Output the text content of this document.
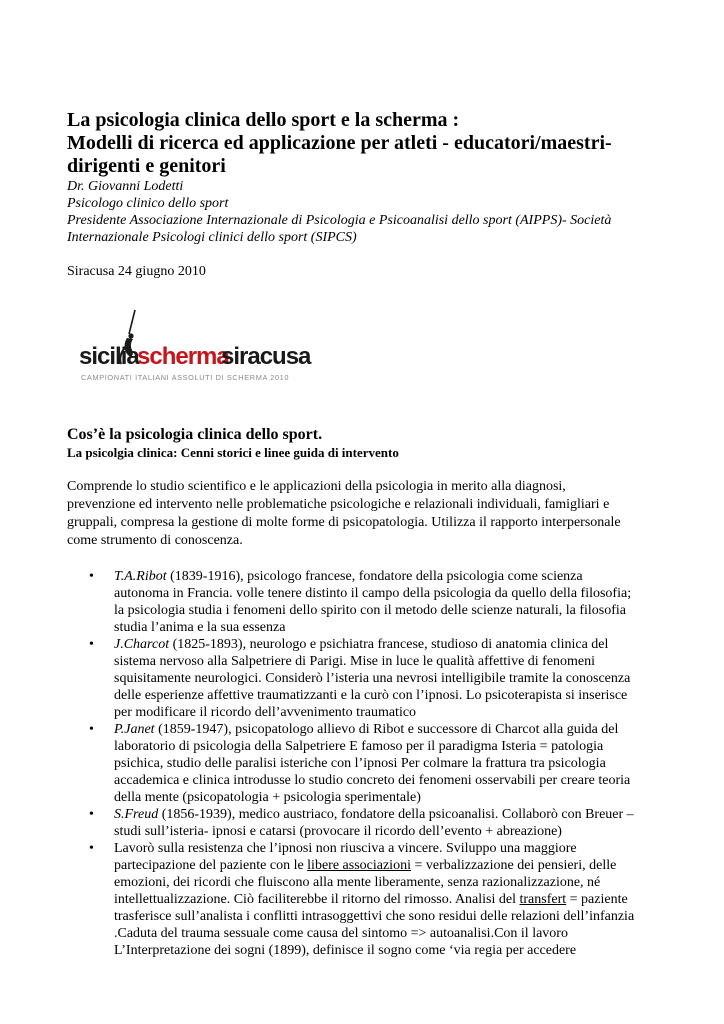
La psicologia clinica dello sport e la scherma :
Modelli di ricerca ed applicazione per atleti - educatori/maestri-
dirigenti e genitori
Dr. Giovanni Lodetti
Psicologo clinico dello sport
Presidente Associazione Internazionale di Psicologia e Psicoanalisi dello sport (AIPPS)- Società
Internazionale Psicologi clinici dello sport (SIPCS)
Siracusa 24 giugno 2010
sicilia
scherma
siracusa
CAMPIONATI ITALIANI ASSOLUTI DI SCHERMA 2010
Cos’è la psicologia clinica dello sport.
La psicolgia clinica: Cenni storici e linee guida di intervento
Comprende lo studio scientifico e le applicazioni della psicologia in merito alla diagnosi,
prevenzione ed intervento nelle problematiche psicologiche e relazionali individuali, famigliari e
gruppali, compresa la gestione di molte forme di psicopatologia. Utilizza il rapporto interpersonale
come strumento di conoscenza.
• T.A.Ribot (1839-1916), psicologo francese, fondatore della psicologia come scienza
autonoma in Francia. volle tenere distinto il campo della psicologia da quello della filosofia;
la psicologia studia i fenomeni dello spirito con il metodo delle scienze naturali, la filosofia
studia l’anima e la sua essenza
• J.Charcot (1825-1893), neurologo e psichiatra francese, studioso di anatomia clinica del
sistema nervoso alla Salpetriere di Parigi. Mise in luce le qualità affettive di fenomeni
squisitamente neurologici. Considerò l’isteria una nevrosi intelligibile tramite la conoscenza
delle esperienze affettive traumatizzanti e la curò con l’ipnosi. Lo psicoterapista si inserisce
per modificare il ricordo dell’avvenimento traumatico
• P.Janet (1859-1947), psicopatologo allievo di Ribot e successore di Charcot alla guida del
laboratorio di psicologia della Salpetriere E famoso per il paradigma Isteria = patologia
psichica, studio delle paralisi isteriche con l’ipnosi Per colmare la frattura tra psicologia
accademica e clinica introdusse lo studio concreto dei fenomeni osservabili per creare teoria
della mente (psicopatologia + psicologia sperimentale)
• S.Freud (1856-1939), medico austriaco, fondatore della psicoanalisi. Collaborò con Breuer –
studi sull’isteria- ipnosi e catarsi (provocare il ricordo dell’evento + abreazione)
• Lavorò sulla resistenza che l’ipnosi non riusciva a vincere. Sviluppo una maggiore
partecipazione del paziente con le libere associazioni = verbalizzazione dei pensieri, delle
emozioni, dei ricordi che fluiscono alla mente liberamente, senza razionalizzazione, né
intellettualizzazione. Ciò faciliterebbe il ritorno del rimosso. Analisi del transfert = paziente
trasferisce sull’analista i conflitti intrasoggettivi che sono residui delle relazioni dell’infanzia
.Caduta del trauma sessuale come causa del sintomo => autoanalisi.Con il lavoro
L’Interpretazione dei sogni (1899), definisce il sogno come ‘via regia per accedere
